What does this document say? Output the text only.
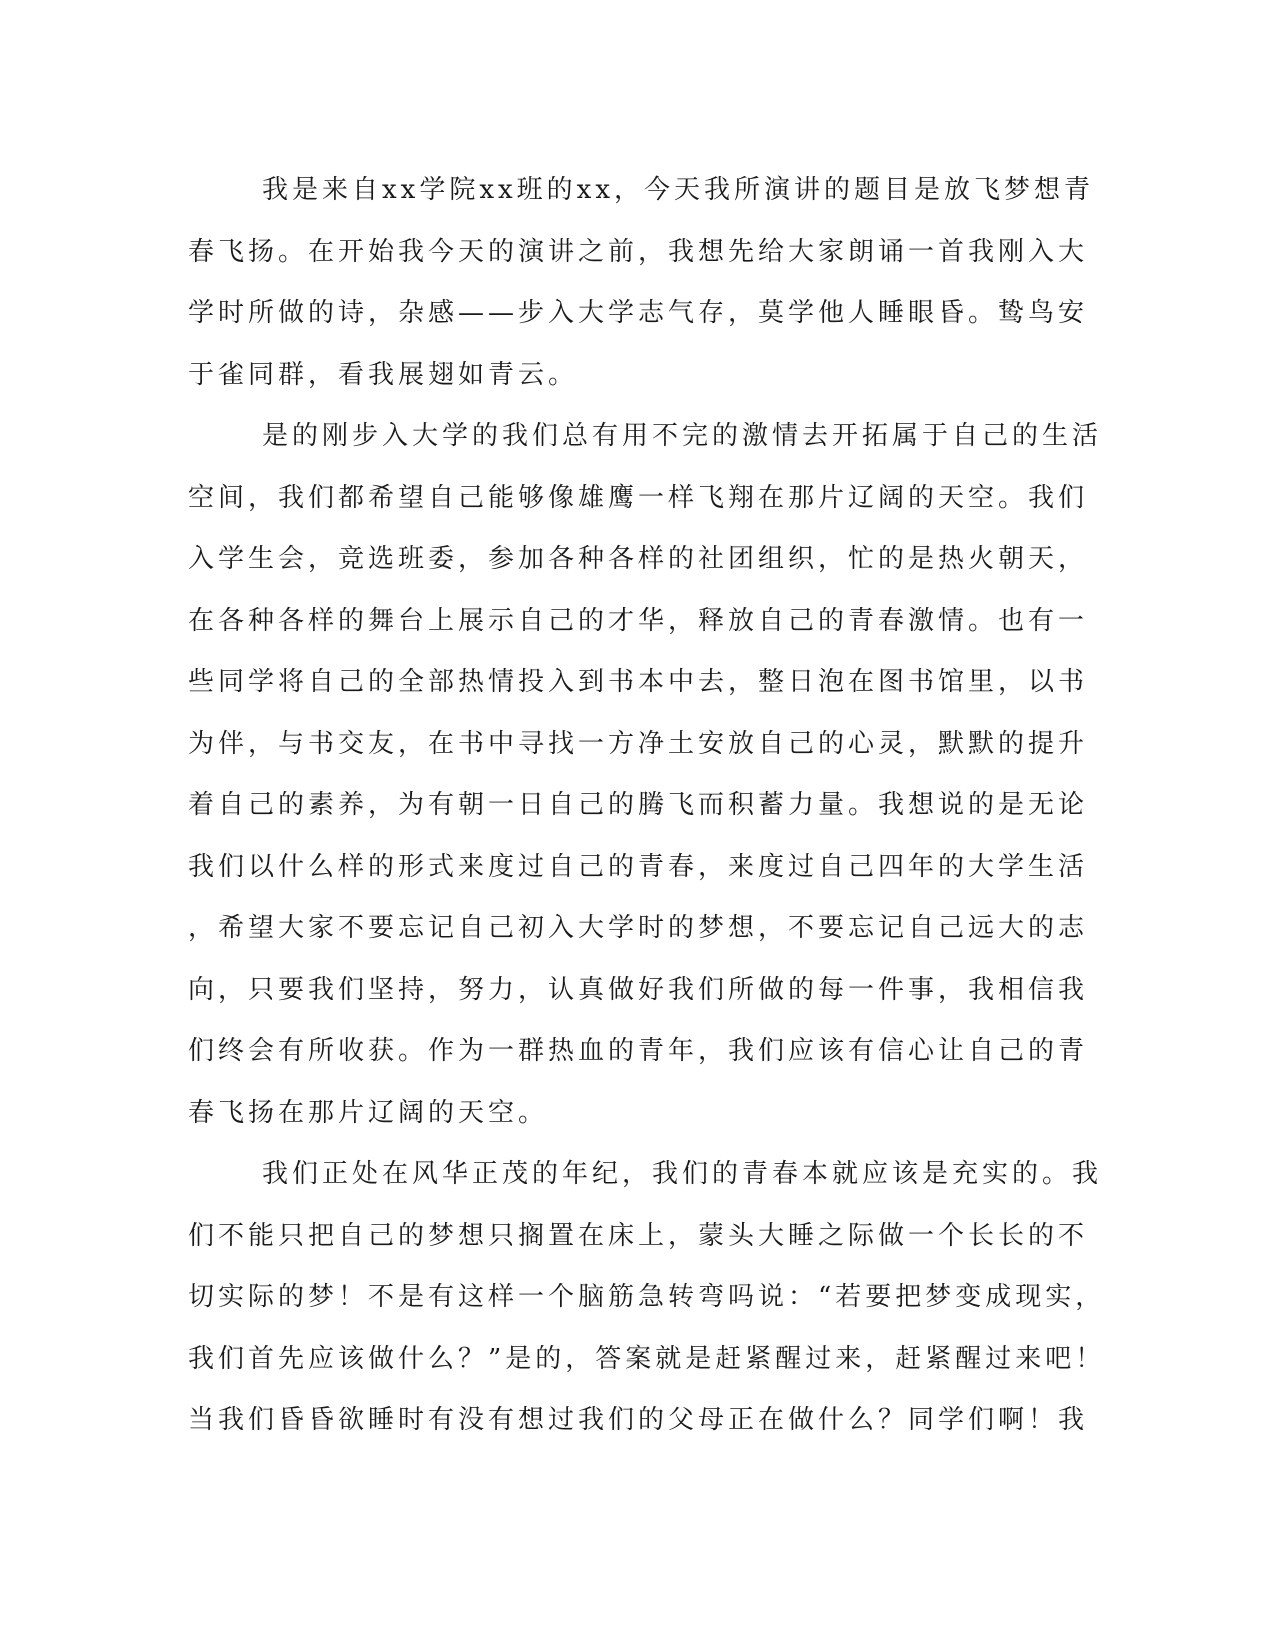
我是来自xx学院xx班的xx，今天我所演讲的题目是放飞梦想青
春飞扬。在开始我今天的演讲之前，我想先给大家朗诵一首我刚入大
学时所做的诗，杂感——步入大学志气存，莫学他人睡眼昏。鸷鸟安
于雀同群，看我展翅如青云。
是的刚步入大学的我们总有用不完的激情去开拓属于自己的生活
空间，我们都希望自己能够像雄鹰一样飞翔在那片辽阔的天空。我们
入学生会，竞选班委，参加各种各样的社团组织，忙的是热火朝天，
在各种各样的舞台上展示自己的才华，释放自己的青春激情。也有一
些同学将自己的全部热情投入到书本中去，整日泡在图书馆里，以书
为伴，与书交友，在书中寻找一方净土安放自己的心灵，默默的提升
着自己的素养，为有朝一日自己的腾飞而积蓄力量。我想说的是无论
我们以什么样的形式来度过自己的青春，来度过自己四年的大学生活
，希望大家不要忘记自己初入大学时的梦想，不要忘记自己远大的志
向，只要我们坚持，努力，认真做好我们所做的每一件事，我相信我
们终会有所收获。作为一群热血的青年，我们应该有信心让自己的青
春飞扬在那片辽阔的天空。
我们正处在风华正茂的年纪，我们的青春本就应该是充实的。我
们不能只把自己的梦想只搁置在床上，蒙头大睡之际做一个长长的不
切实际的梦！不是有这样一个脑筋急转弯吗说：“若要把梦变成现实，
我们首先应该做什么？”是的，答案就是赶紧醒过来，赶紧醒过来吧！
当我们昏昏欲睡时有没有想过我们的父母正在做什么？同学们啊！我
